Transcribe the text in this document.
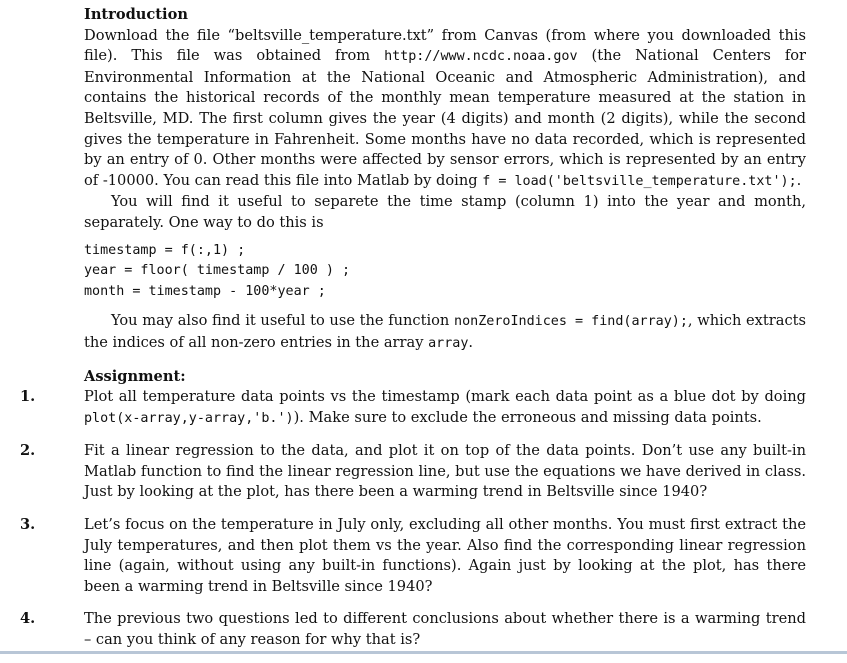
Introduction

Download the file “beltsville_temperature.txt” from Canvas (from where you downloaded this file). This file was obtained from http://www.ncdc.noaa.gov (the National Centers for Environmental Information at the National Oceanic and Atmospheric Administration), and contains the historical records of the monthly mean temperature measured at the station in Beltsville, MD. The first column gives the year (4 digits) and month (2 digits), while the second gives the temperature in Fahrenheit. Some months have no data recorded, which is represented by an entry of 0. Other months were affected by sensor errors, which is represented by an entry of -10000. You can read this file into Matlab by doing f = load('beltsville_temperature.txt');.

You will find it useful to separete the time stamp (column 1) into the year and month, separately. One way to do this is

timestamp = f(:,1) ;
year = floor( timestamp / 100 ) ;
month = timestamp - 100*year ;

You may also find it useful to use the function nonZeroIndices = find(array);, which extracts the indices of all non-zero entries in the array array.

Assignment:
1.	Plot all temperature data points vs the timestamp (mark each data point as a blue dot by doing plot(x-array,y-array,'b.')). Make sure to exclude the erroneous and missing data points.
2.	Fit a linear regression to the data, and plot it on top of the data points. Don’t use any built-in Matlab function to find the linear regression line, but use the equations we have derived in class. Just by looking at the plot, has there been a warming trend in Beltsville since 1940?
3.	Let’s focus on the temperature in July only, excluding all other months. You must first extract the July temperatures, and then plot them vs the year. Also find the corresponding linear regression line (again, without using any built-in functions). Again just by looking at the plot, has there been a warming trend in Beltsville since 1940?
4.	The previous two questions led to different conclusions about whether there is a warming trend – can you think of any reason for why that is?
